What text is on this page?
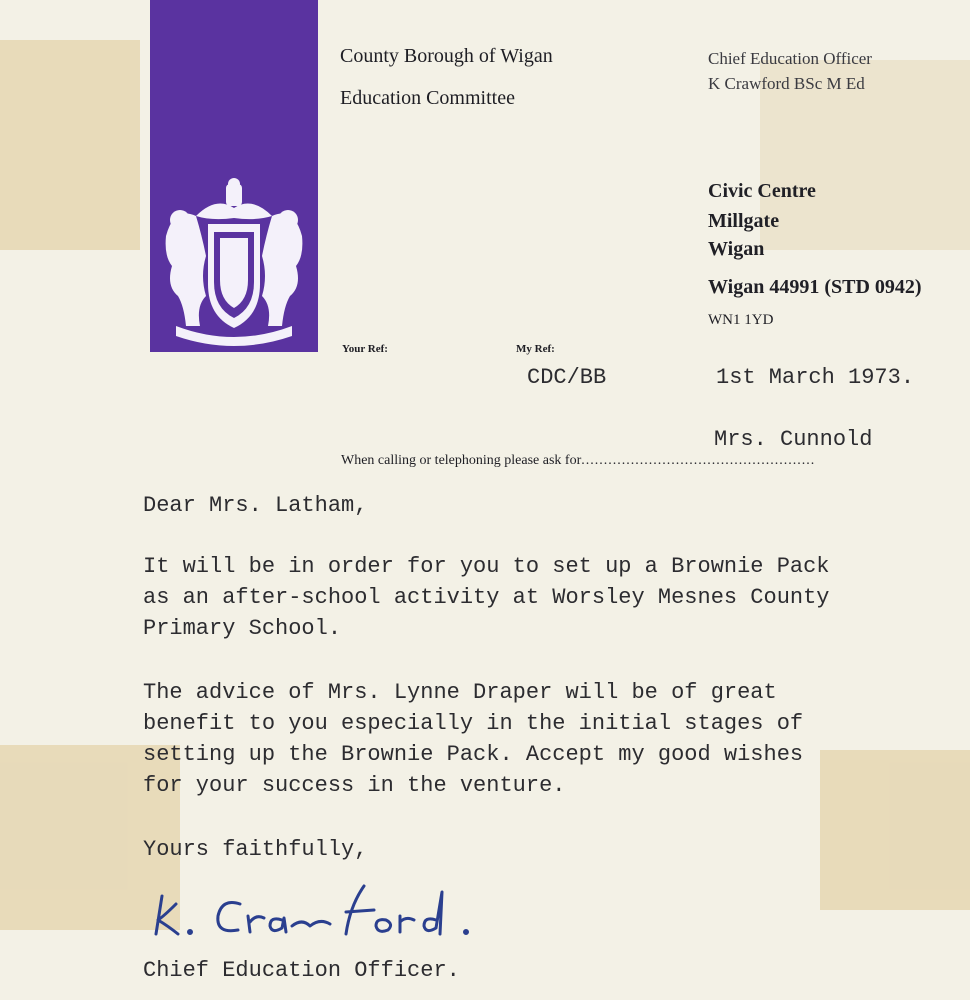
County Borough of Wigan
Education Committee
Chief Education Officer
K Crawford BSc M Ed
Civic Centre
Millgate
Wigan
Wigan 44991 (STD 0942)
WN1 1YD
Your Ref:	My Ref:
CDC/BB	1st March 1973.
Mrs. Cunnold
When calling or telephoning please ask for....................................................
Dear Mrs. Latham,
It will be in order for you to set up a Brownie Pack
as an after-school activity at Worsley Mesnes County
Primary School.
The advice of Mrs. Lynne Draper will be of great
benefit to you especially in the initial stages of
setting up the Brownie Pack. Accept my good wishes
for your success in the venture.
Yours faithfully,
Chief Education Officer.
